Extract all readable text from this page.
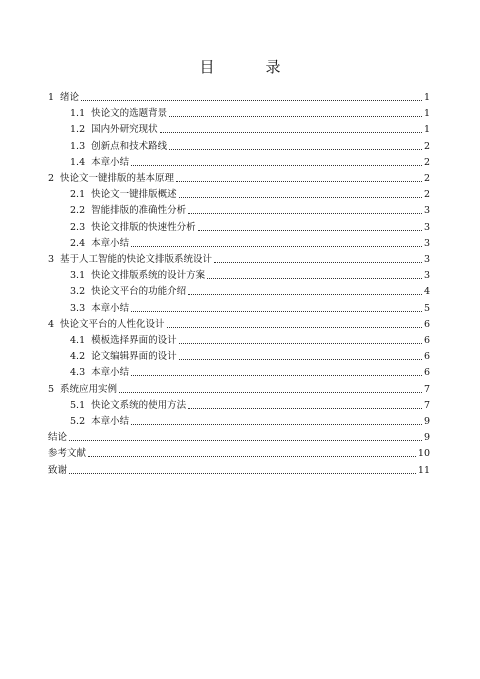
目　录
1 绪论	1
1.1 快论文的选题背景	1
1.2 国内外研究现状	1
1.3 创新点和技术路线	2
1.4 本章小结	2
2 快论文一键排版的基本原理	2
2.1 快论文一键排版概述	2
2.2 智能排版的准确性分析	3
2.3 快论文排版的快速性分析	3
2.4 本章小结	3
3 基于人工智能的快论文排版系统设计	3
3.1 快论文排版系统的设计方案	3
3.2 快论文平台的功能介绍	4
3.3 本章小结	5
4 快论文平台的人性化设计	6
4.1 模板选择界面的设计	6
4.2 论文编辑界面的设计	6
4.3 本章小结	6
5 系统应用实例	7
5.1 快论文系统的使用方法	7
5.2 本章小结	9
结论	9
参考文献	10
致谢	11
